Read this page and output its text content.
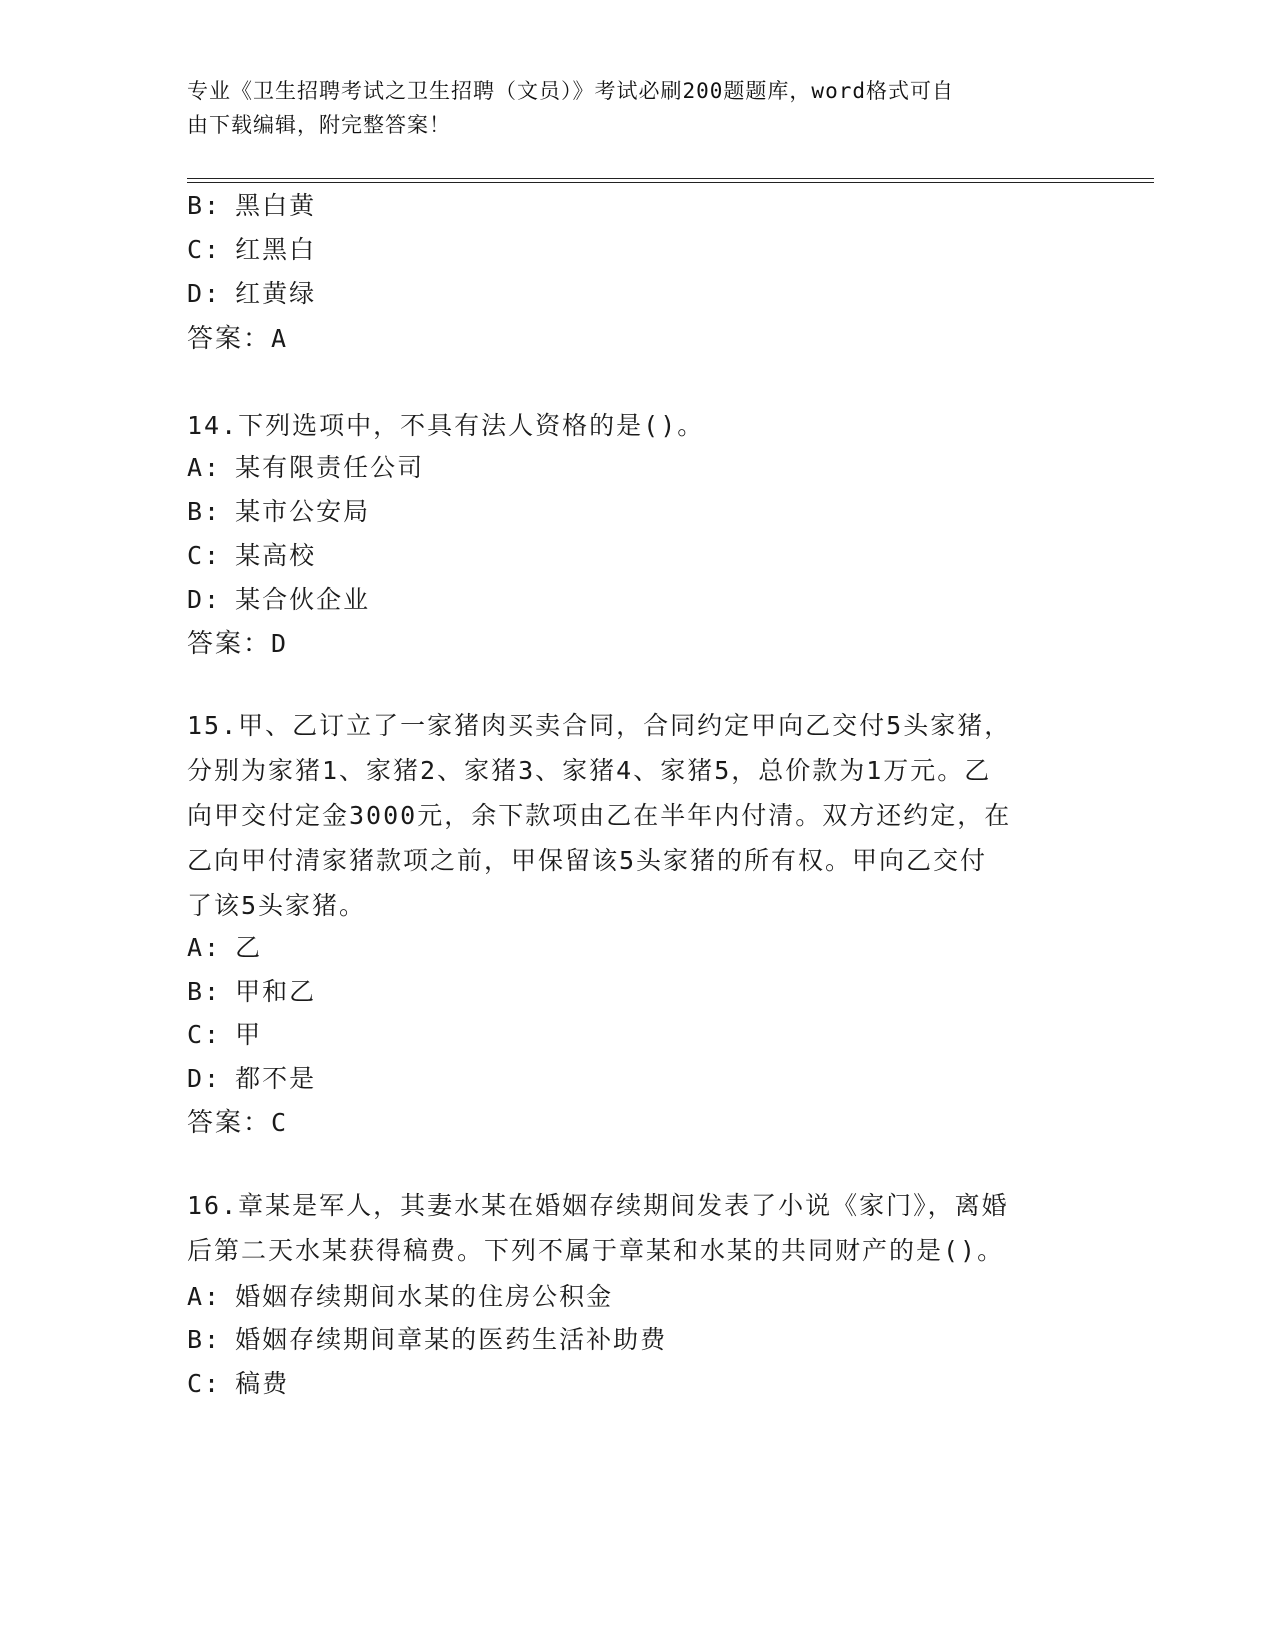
专业《卫生招聘考试之卫生招聘（文员）》考试必刷200题题库，word格式可自
由下载编辑，附完整答案！
B: 黑白黄
C: 红黑白
D: 红黄绿
答案：A
14.下列选项中，不具有法人资格的是()。
A: 某有限责任公司
B: 某市公安局
C: 某高校
D: 某合伙企业
答案：D
15.甲、乙订立了一家猪肉买卖合同，合同约定甲向乙交付5头家猪，
分别为家猪1、家猪2、家猪3、家猪4、家猪5，总价款为1万元。乙
向甲交付定金3000元，余下款项由乙在半年内付清。双方还约定，在
乙向甲付清家猪款项之前，甲保留该5头家猪的所有权。甲向乙交付
了该5头家猪。
A: 乙
B: 甲和乙
C: 甲
D: 都不是
答案：C
16.章某是军人，其妻水某在婚姻存续期间发表了小说《家门》，离婚
后第二天水某获得稿费。下列不属于章某和水某的共同财产的是()。
A: 婚姻存续期间水某的住房公积金
B: 婚姻存续期间章某的医药生活补助费
C: 稿费
